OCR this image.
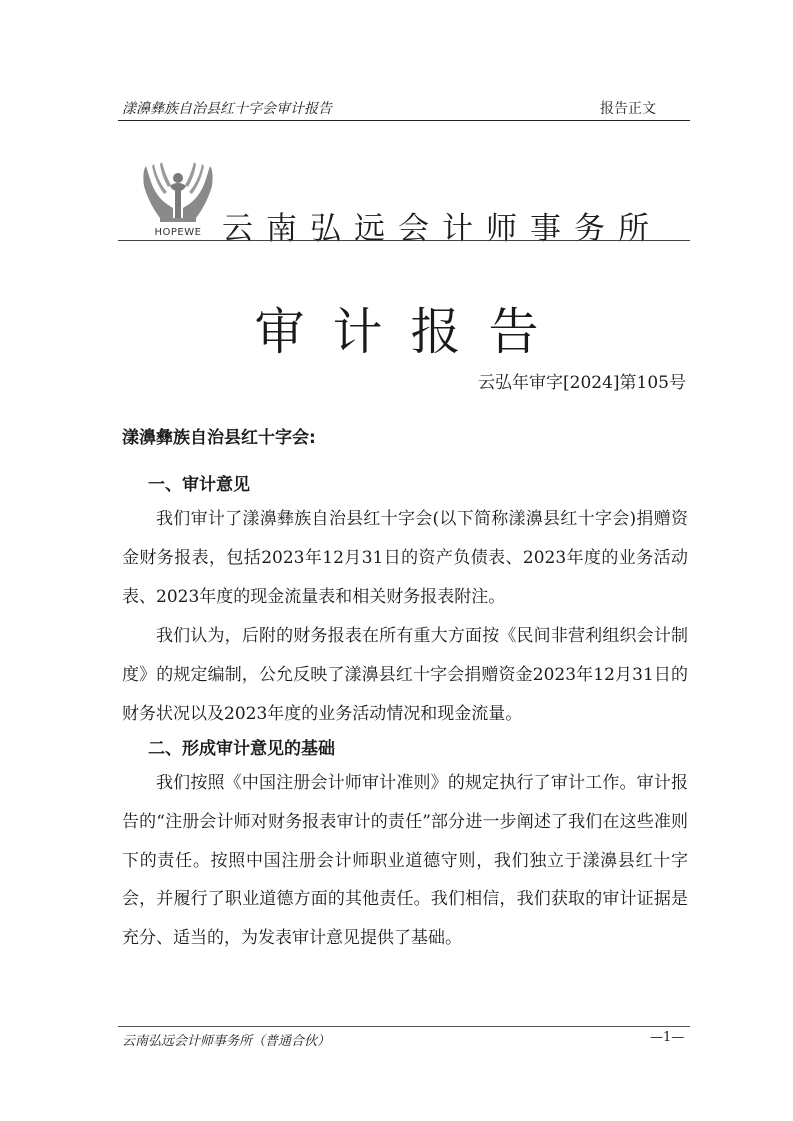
漾濞彝族自治县红十字会审计报告	报告正文
HOPEWE 云南弘远会计师事务所
审计报告
云弘年审字[2024]第105号
漾濞彝族自治县红十字会:
一、审计意见

我们审计了漾濞彝族自治县红十字会(以下简称漾濞县红十字会)捐赠资金财务报表，包括2023年12月31日的资产负债表、2023年度的业务活动表、2023年度的现金流量表和相关财务报表附注。

我们认为，后附的财务报表在所有重大方面按《民间非营利组织会计制度》的规定编制，公允反映了漾濞县红十字会捐赠资金2023年12月31日的财务状况以及2023年度的业务活动情况和现金流量。

二、形成审计意见的基础

我们按照《中国注册会计师审计准则》的规定执行了审计工作。审计报告的“注册会计师对财务报表审计的责任”部分进一步阐述了我们在这些准则下的责任。按照中国注册会计师职业道德守则，我们独立于漾濞县红十字会，并履行了职业道德方面的其他责任。我们相信，我们获取的审计证据是充分、适当的，为发表审计意见提供了基础。

云南弘远会计师事务所（普通合伙）	—1—
